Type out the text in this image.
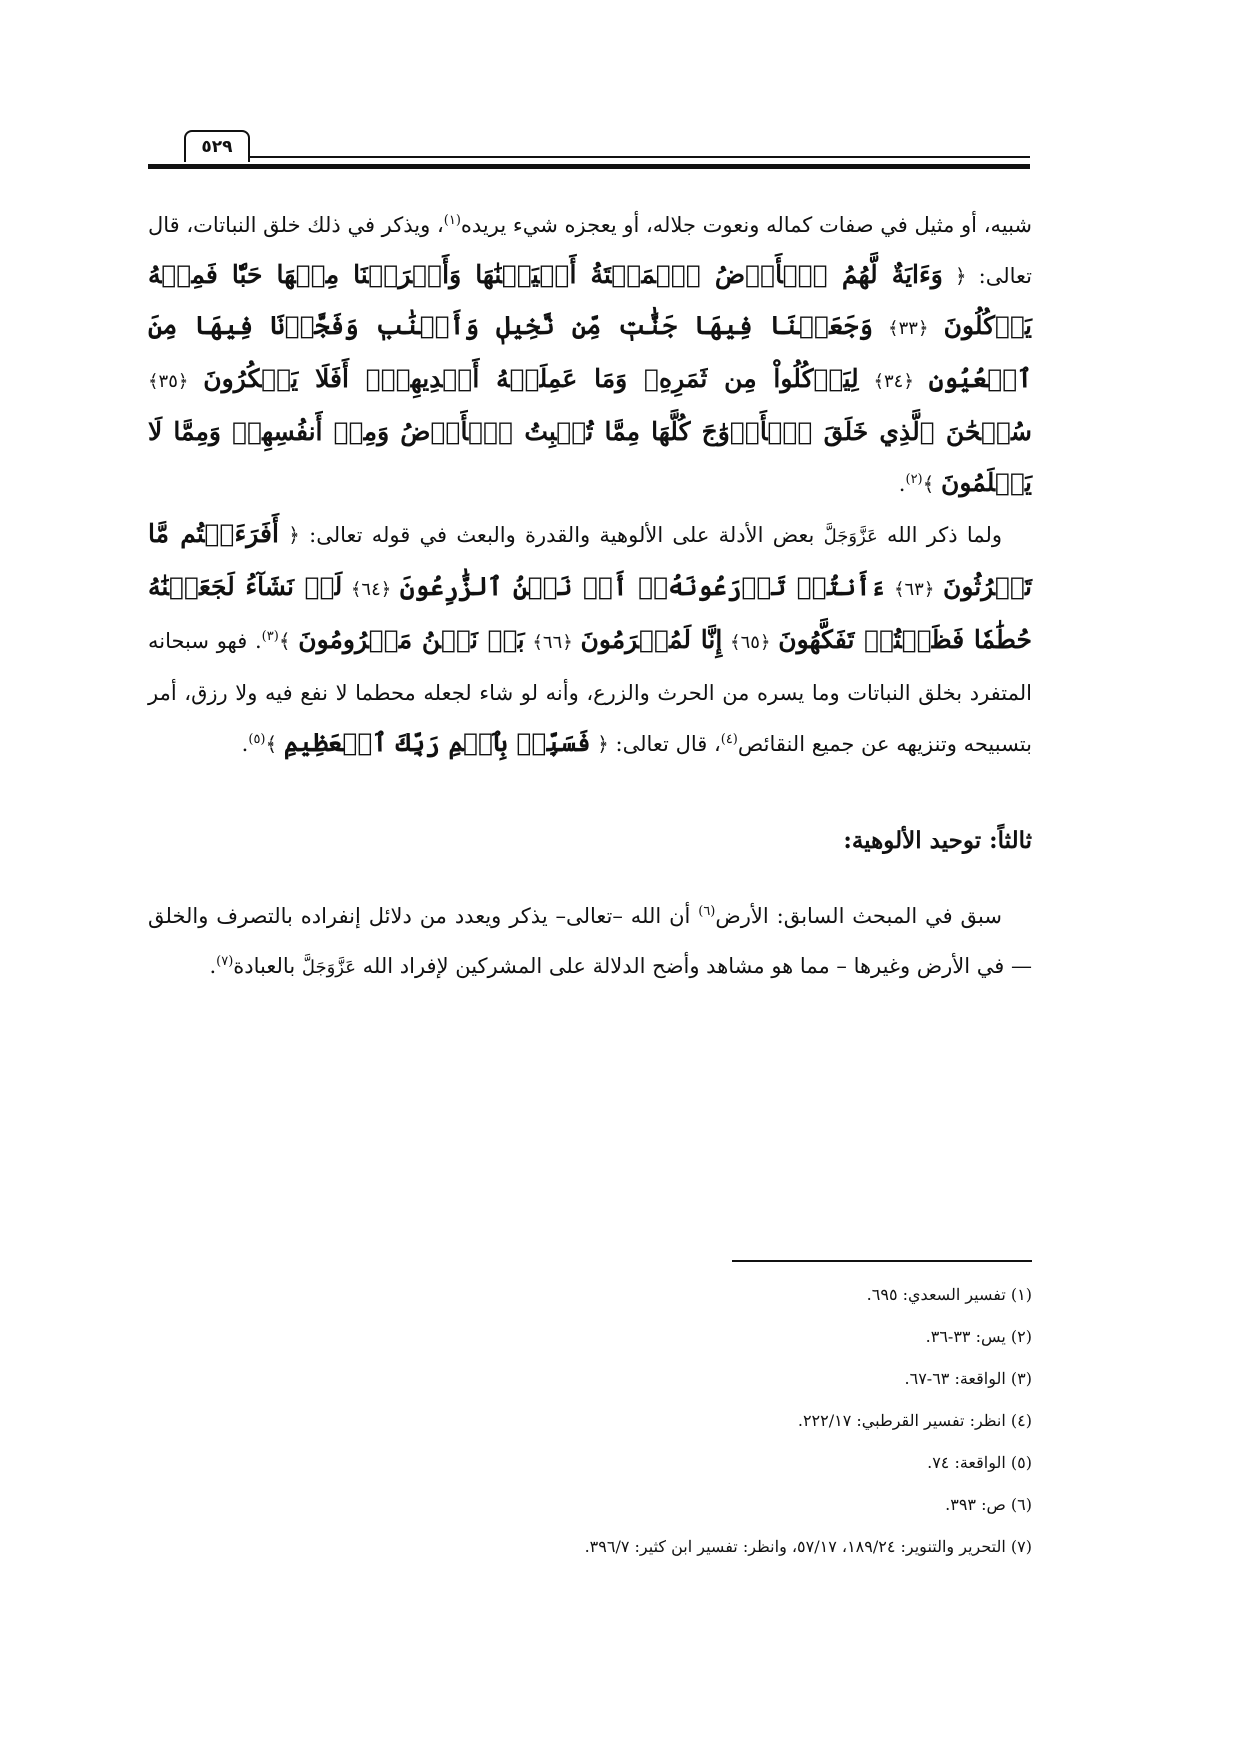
٥٢٩

شبيه، أو مثيل في صفات كماله ونعوت جلاله، أو يعجزه شيء يريده$^{(١)}$، ويذكر في ذلك خلق النباتات، قال تعالى: ﴿ وَءَايَةٌ لَّهُمُ ٱلۡأَرۡضُ ٱلۡمَيۡتَةُ أَحۡيَيۡنَٰهَا وَأَخۡرَجۡنَا مِنۡهَا حَبّٗا فَمِنۡهُ يَأۡكُلُونَ ﴿٣٣﴾ وَجَعَلۡنَا فِيهَا جَنَّٰتٖ مِّن نَّخِيلٖ وَأَعۡنَٰبٖ وَفَجَّرۡنَا فِيهَا مِنَ ٱلۡعُيُونِ ﴿٣٤﴾ لِيَأۡكُلُواْ مِن ثَمَرِهِۦ وَمَا عَمِلَتۡهُ أَيۡدِيهِمۡۚ أَفَلَا يَشۡكُرُونَ ﴿٣٥﴾ سُبۡحَٰنَ ٱلَّذِي خَلَقَ ٱلۡأَزۡوَٰجَ كُلَّهَا مِمَّا تُنۢبِتُ ٱلۡأَرۡضُ وَمِنۡ أَنفُسِهِمۡ وَمِمَّا لَا يَعۡلَمُونَ ﴾$^{(٢)}$.

ولما ذكر الله عَزَّوَجَلَّ بعض الأدلة على الألوهية والقدرة والبعث في قوله تعالى: ﴿ أَفَرَءَيۡتُم مَّا تَحۡرُثُونَ ﴿٦٣﴾ ءَأَنتُمۡ تَزۡرَعُونَهُۥٓ أَمۡ نَحۡنُ ٱلزَّٰرِعُونَ ﴿٦٤﴾ لَوۡ نَشَآءُ لَجَعَلۡنَٰهُ حُطَٰمٗا فَظَلۡتُمۡ تَفَكَّهُونَ ﴿٦٥﴾ إِنَّا لَمُغۡرَمُونَ ﴿٦٦﴾ بَلۡ نَحۡنُ مَحۡرُومُونَ ﴾$^{(٣)}$. فهو سبحانه المتفرد بخلق النباتات وما يسره من الحرث والزرع، وأنه لو شاء لجعله محطما لا نفع فيه ولا رزق، أمر بتسبيحه وتنزيهه عن جميع النقائص$^{(٤)}$، قال تعالى: ﴿ فَسَبِّحۡ بِٱسۡمِ رَبِّكَ ٱلۡعَظِيمِ ﴾$^{(٥)}$.

ثالثاً: توحيد الألوهية:

سبق في المبحث السابق: الأرض$^{(٦)}$ أن الله –تعالى– يذكر ويعدد من دلائل إنفراده بالتصرف والخلق — في الأرض وغيرها – مما هو مشاهد وأضح الدلالة على المشركين لإفراد الله عَزَّوَجَلَّ بالعبادة$^{(٧)}$.

(١) تفسير السعدي: ٦٩٥.
(٢) يس: ٣٣-٣٦.
(٣) الواقعة: ٦٣-٦٧.
(٤) انظر: تفسير القرطبي: ٢٢٢/١٧.
(٥) الواقعة: ٧٤.
(٦) ص: ٣٩٣.
(٧) التحرير والتنوير: ١٨٩/٢٤، ٥٧/١٧، وانظر: تفسير ابن كثير: ٣٩٦/٧.
